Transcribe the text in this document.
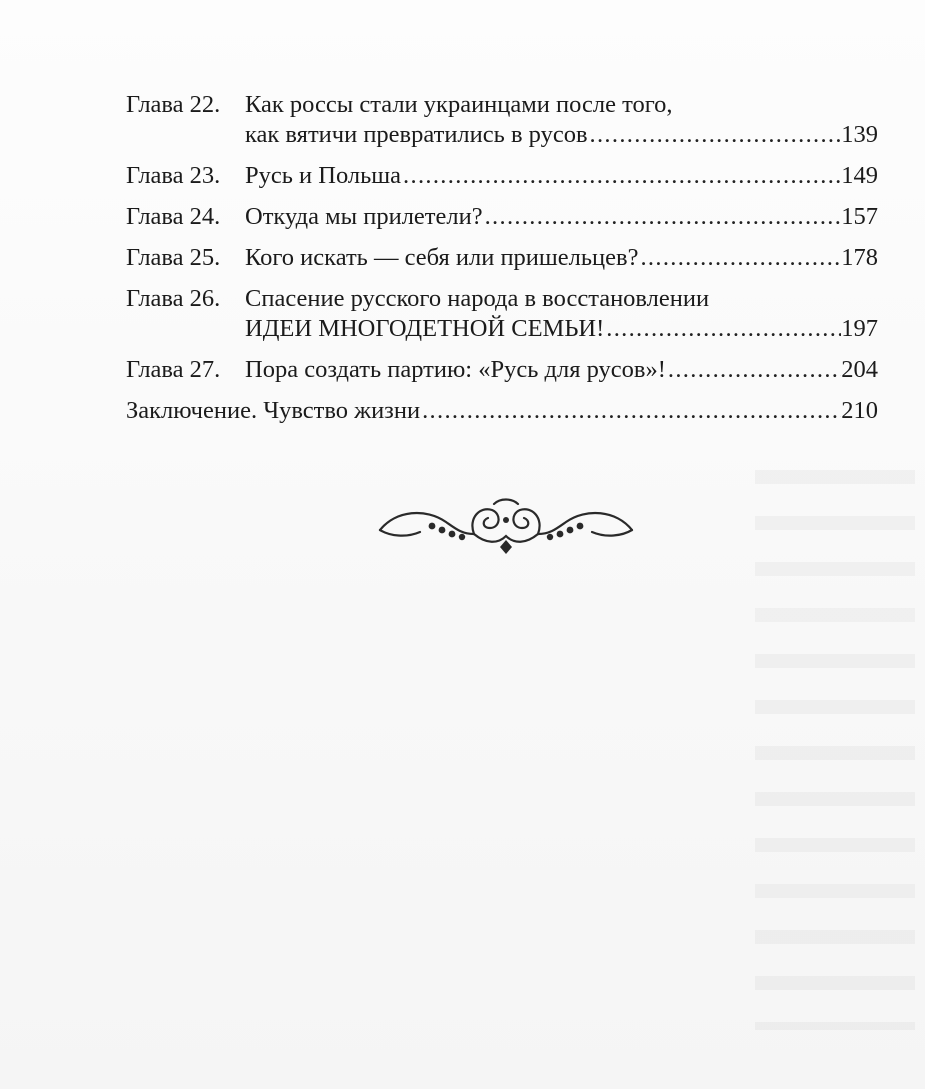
Глава 22.	Как россы стали украинцами после того,
как вятичи превратились в русов . . .	139
Глава 23.	Русь и Польша . . .	149
Глава 24.	Откуда мы прилетели? . . .	157
Глава 25.	Кого искать — себя или пришельцев? . . .	178
Глава 26.	Спасение русского народа в восстановлении
ИДЕИ МНОГОДЕТНОЙ СЕМЬИ! . . .	197
Глава 27.	Пора создать партию: «Русь для русов»! . . .	204
Заключение. Чувство жизни . . .	210
